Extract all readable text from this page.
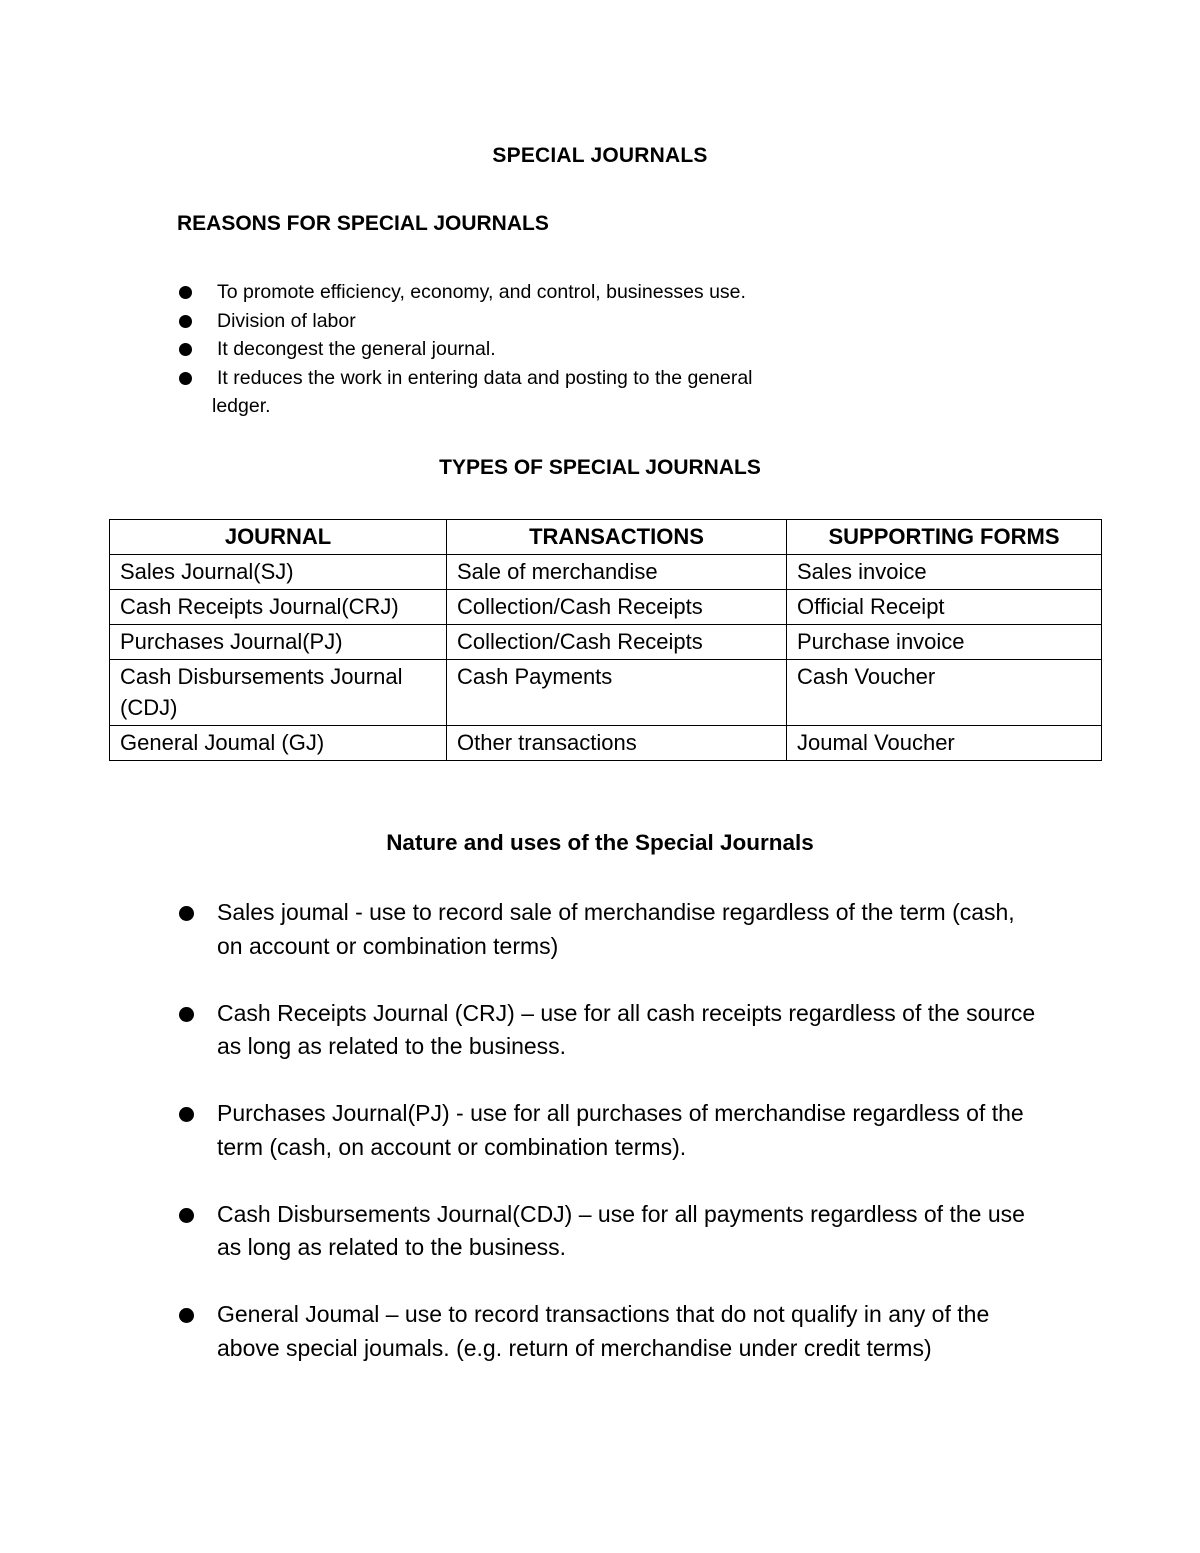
SPECIAL JOURNALS
REASONS FOR SPECIAL JOURNALS
To promote efficiency, economy, and control, businesses use.
Division of labor
It decongest the general journal.
It reduces the work in entering data and posting to the general
ledger.
TYPES OF SPECIAL JOURNALS
JOURNAL	TRANSACTIONS	SUPPORTING FORMS
Sales Journal(SJ)	Sale of merchandise	Sales invoice
Cash Receipts Journal(CRJ)	Collection/Cash Receipts	Official Receipt
Purchases Journal(PJ)	Collection/Cash Receipts	Purchase invoice
Cash Disbursements Journal (CDJ)	Cash Payments	Cash Voucher
General Joumal (GJ)	Other transactions	Joumal Voucher
Nature and uses of the Special Journals
Sales joumal - use to record sale of merchandise regardless of the term (cash, on account or combination terms)
Cash Receipts Journal (CRJ) – use for all cash receipts regardless of the source as long as related to the business.
Purchases Journal(PJ) - use for all purchases of merchandise regardless of the term (cash, on account or combination terms).
Cash Disbursements Journal(CDJ) – use for all payments regardless of the use as long as related to the business.
General Joumal – use to record transactions that do not qualify in any of the above special joumals. (e.g. return of merchandise under credit terms)
